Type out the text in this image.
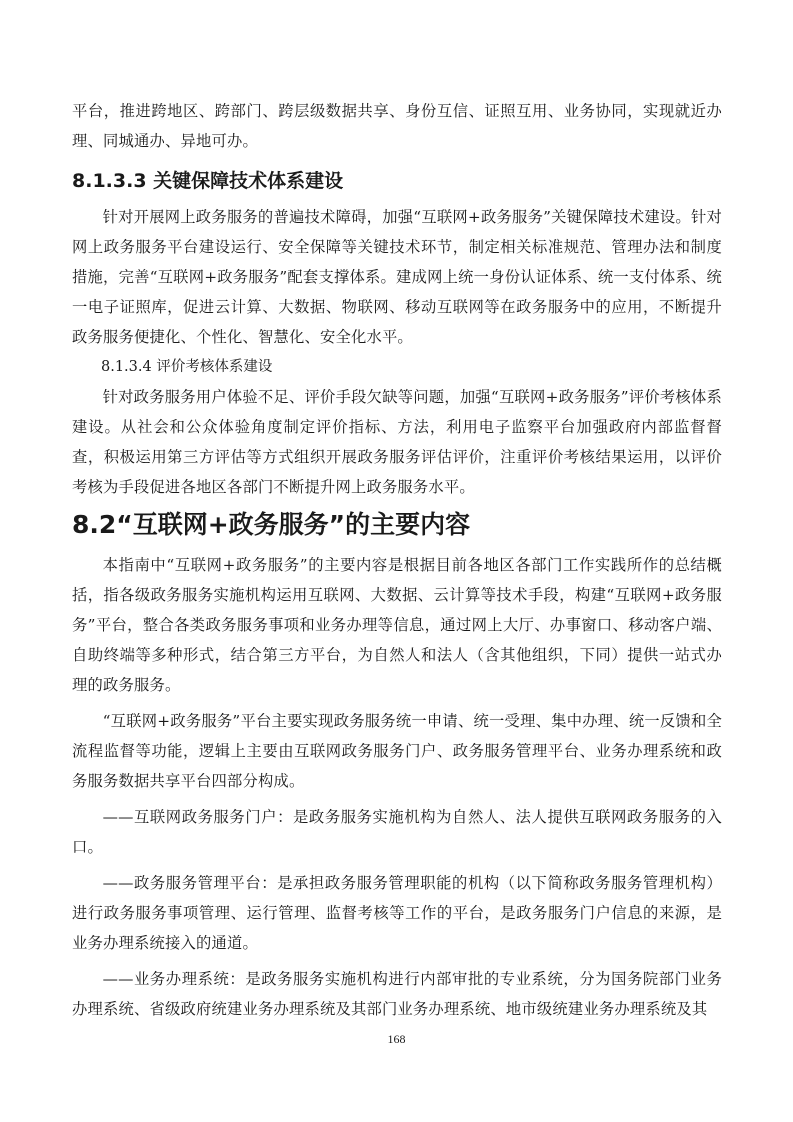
平台，推进跨地区、跨部门、跨层级数据共享、身份互信、证照互用、业务协同，实现就近办理、同城通办、异地可办。

8.1.3.3 关键保障技术体系建设

针对开展网上政务服务的普遍技术障碍，加强“互联网+政务服务”关键保障技术建设。针对网上政务服务平台建设运行、安全保障等关键技术环节，制定相关标准规范、管理办法和制度措施，完善“互联网+政务服务”配套支撑体系。建成网上统一身份认证体系、统一支付体系、统一电子证照库，促进云计算、大数据、物联网、移动互联网等在政务服务中的应用，不断提升政务服务便捷化、个性化、智慧化、安全化水平。

8.1.3.4 评价考核体系建设

针对政务服务用户体验不足、评价手段欠缺等问题，加强“互联网+政务服务”评价考核体系建设。从社会和公众体验角度制定评价指标、方法，利用电子监察平台加强政府内部监督督查，积极运用第三方评估等方式组织开展政务服务评估评价，注重评价考核结果运用，以评价考核为手段促进各地区各部门不断提升网上政务服务水平。

8.2“互联网+政务服务”的主要内容

本指南中“互联网+政务服务”的主要内容是根据目前各地区各部门工作实践所作的总结概括，指各级政务服务实施机构运用互联网、大数据、云计算等技术手段，构建“互联网+政务服务”平台，整合各类政务服务事项和业务办理等信息，通过网上大厅、办事窗口、移动客户端、自助终端等多种形式，结合第三方平台，为自然人和法人（含其他组织，下同）提供一站式办理的政务服务。

“互联网+政务服务”平台主要实现政务服务统一申请、统一受理、集中办理、统一反馈和全流程监督等功能，逻辑上主要由互联网政务服务门户、政务服务管理平台、业务办理系统和政务服务数据共享平台四部分构成。

——互联网政务服务门户：是政务服务实施机构为自然人、法人提供互联网政务服务的入口。

——政务服务管理平台：是承担政务服务管理职能的机构（以下简称政务服务管理机构）进行政务服务事项管理、运行管理、监督考核等工作的平台，是政务服务门户信息的来源，是业务办理系统接入的通道。

——业务办理系统：是政务服务实施机构进行内部审批的专业系统，分为国务院部门业务办理系统、省级政府统建业务办理系统及其部门业务办理系统、地市级统建业务办理系统及其

168
